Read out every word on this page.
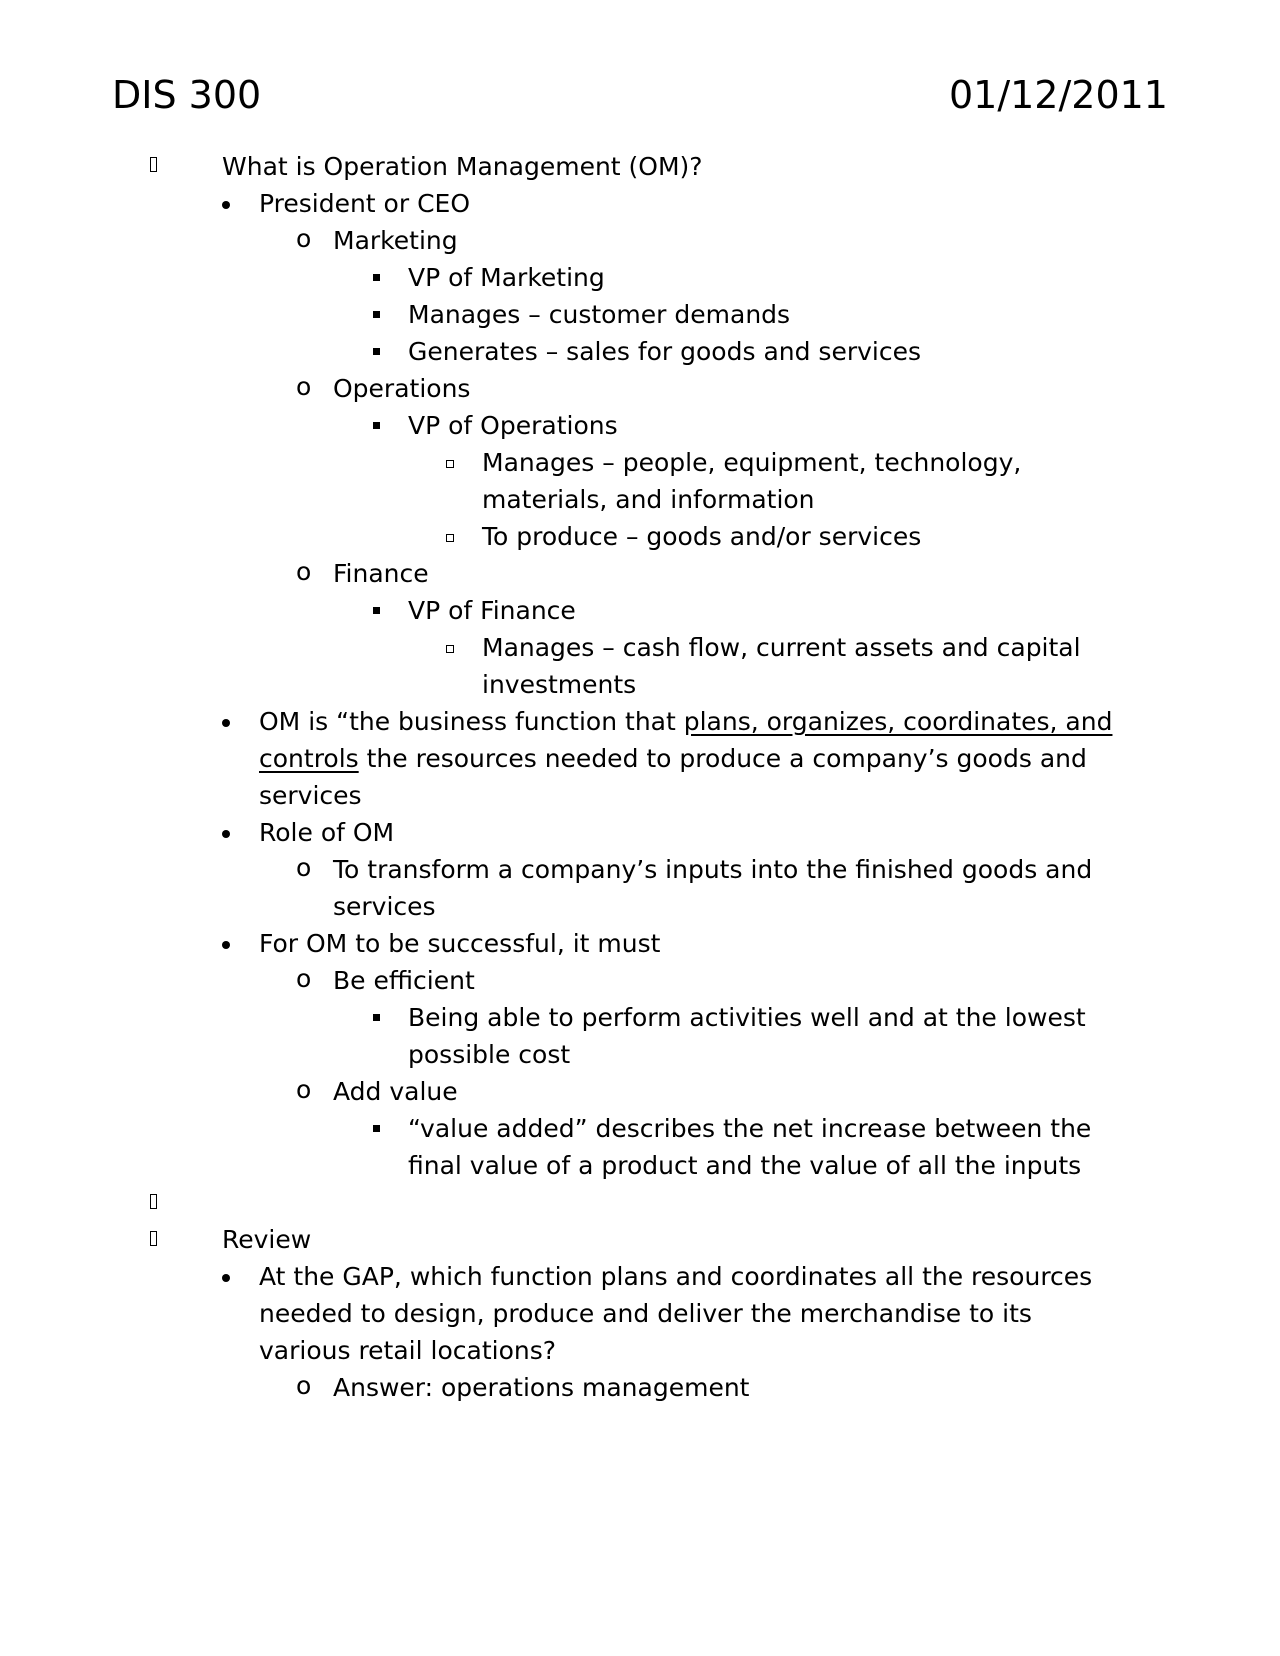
DIS 300	01/12/2011
What is Operation Management (OM)?
President or CEO
o Marketing
VP of Marketing
Manages – customer demands
Generates – sales for goods and services
o Operations
VP of Operations
Manages – people, equipment, technology,
materials, and information
To produce – goods and/or services
o Finance
VP of Finance
Manages – cash flow, current assets and capital
investments
OM is “the business function that plans, organizes, coordinates, and
controls the resources needed to produce a company’s goods and
services
Role of OM
o To transform a company’s inputs into the finished goods and
services
For OM to be successful, it must
o Be efficient
Being able to perform activities well and at the lowest
possible cost
o Add value
“value added” describes the net increase between the
final value of a product and the value of all the inputs
Review
At the GAP, which function plans and coordinates all the resources
needed to design, produce and deliver the merchandise to its
various retail locations?
o Answer: operations management
